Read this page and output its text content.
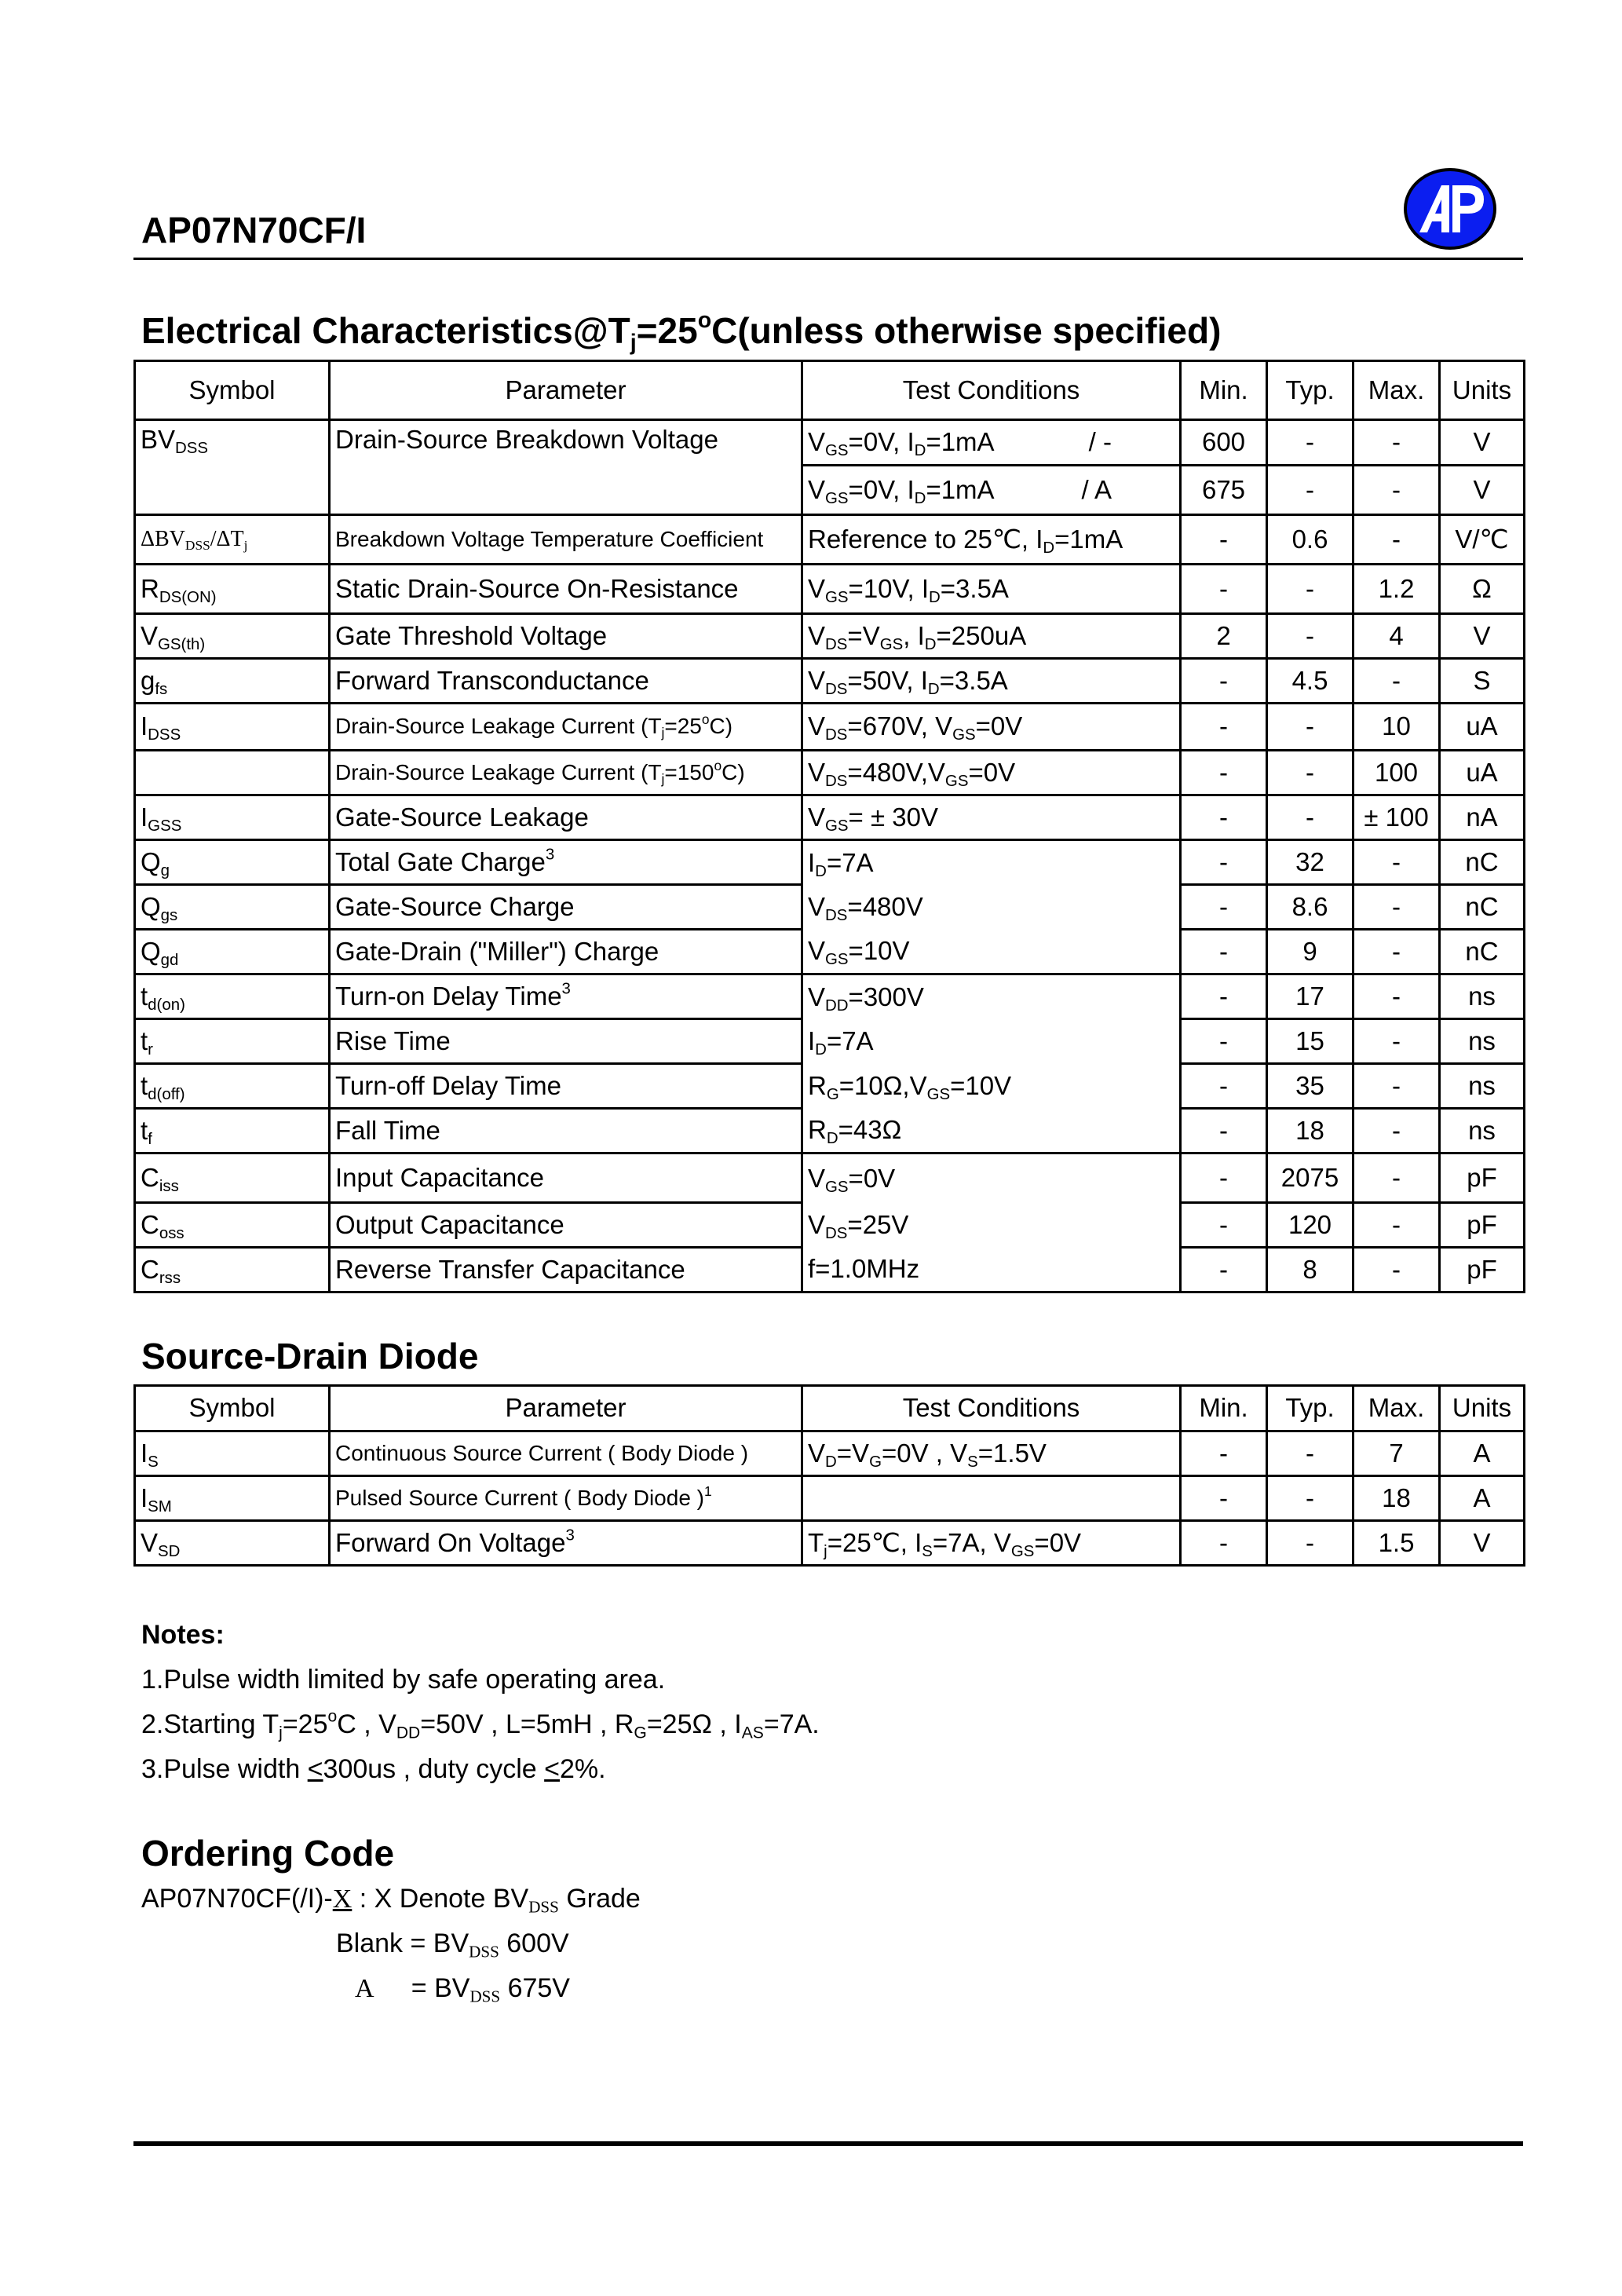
AP07N70CF/I
Electrical $Characteristics@T_j=25^oC(unless$ otherwise specified)
Symbol	Parameter	Test Conditions	Min.	Typ.	Max.	Units
$BV_{DSS}$	Drain-Source Breakdown Voltage	$V_{GS}=0V$, $I_D=1mA$ / -	600	-	-	V
		$V_{GS}=0V$, $I_D=1mA / A$	675	-	-	V
$\Delta BV_{DSS}/\Delta T_j$	Breakdown Voltage Temperature Coefficient	Reference to 25℃, $I_D=1mA$	-	0.6	-	V/℃
$R_{DS(ON)}$	Static Drain-Source On-Resistance	$V_{GS}=10V$, $I_D=3.5A$	-	-	1.2	Ω
$V_{GS(th)}$	Gate Threshold Voltage	$V_{DS}=V_{GS}$, $I_D=250uA$	2	-	4	V
$g_{fs}$	Forward Transconductance	$V_{DS}=50V$, $I_D=3.5A$	-	4.5	-	S
$I_{DSS}$	Drain-Source Leakage Current $(T_j=25^oC)$	$V_{DS}=670V$, $V_{GS}=0V$	-	-	10	uA
	Drain-Source Leakage Current $(T_j=150^oC)$	$V_{DS}=480V,V_{GS}=0V$	-	-	100	uA
$I_{GSS}$	Gate-Source Leakage	$V_{GS}= \pm 30V$	-	-	± 100	nA
$Q_g$	Total Gate Charge$^3$	$I_D=7A$	-	32	-	nC
$Q_{gs}$	Gate-Source Charge	$V_{DS}=480V$	-	8.6	-	nC
$Q_{gd}$	Gate-Drain ("Miller") Charge	$V_{GS}=10V$	-	9	-	nC
$t_{d(on)}$	Turn-on Delay Time$^3$	$V_{DD}=300V$	-	17	-	ns
$t_r$	Rise Time	$I_D=7A$	-	15	-	ns
$t_{d(off)}$	Turn-off Delay Time	$R_G=10\Omega,V_{GS}=10V$	-	35	-	ns
$t_f$	Fall Time	$R_D=43\Omega$	-	18	-	ns
$C_{iss}$	Input Capacitance	$V_{GS}=0V$	-	2075	-	pF
$C_{oss}$	Output Capacitance	$V_{DS}=25V$	-	120	-	pF
$C_{rss}$	Reverse Transfer Capacitance	f=1.0MHz	-	8	-	pF
Source-Drain Diode
Symbol	Parameter	Test Conditions	Min.	Typ.	Max.	Units
$I_S$	Continuous Source Current ( Body Diode )	$V_D=V_G=0V$ , $V_S=1.5V$	-	-	7	A
$I_{SM}$	Pulsed Source Current ( Body Diode )$^1$		-	-	18	A
$V_{SD}$	Forward On Voltage$^3$	$T_j=25℃$, $I_S=7A$, $V_{GS}=0V$	-	-	1.5	V
Notes:
1.Pulse width limited by safe operating area.
2.Starting $T_j=25^oC$ , $V_{DD}=50V$ , L=5mH , $R_G=25\Omega$ , $I_{AS}=7A$.
3.Pulse width <300us , duty cycle <2%.
Ordering Code
AP07N70CF(/I)-X : X Denote $BV_{DSS}$ Grade
Blank = $BV_{DSS}$ 600V
A     = $BV_{DSS}$ 675V
